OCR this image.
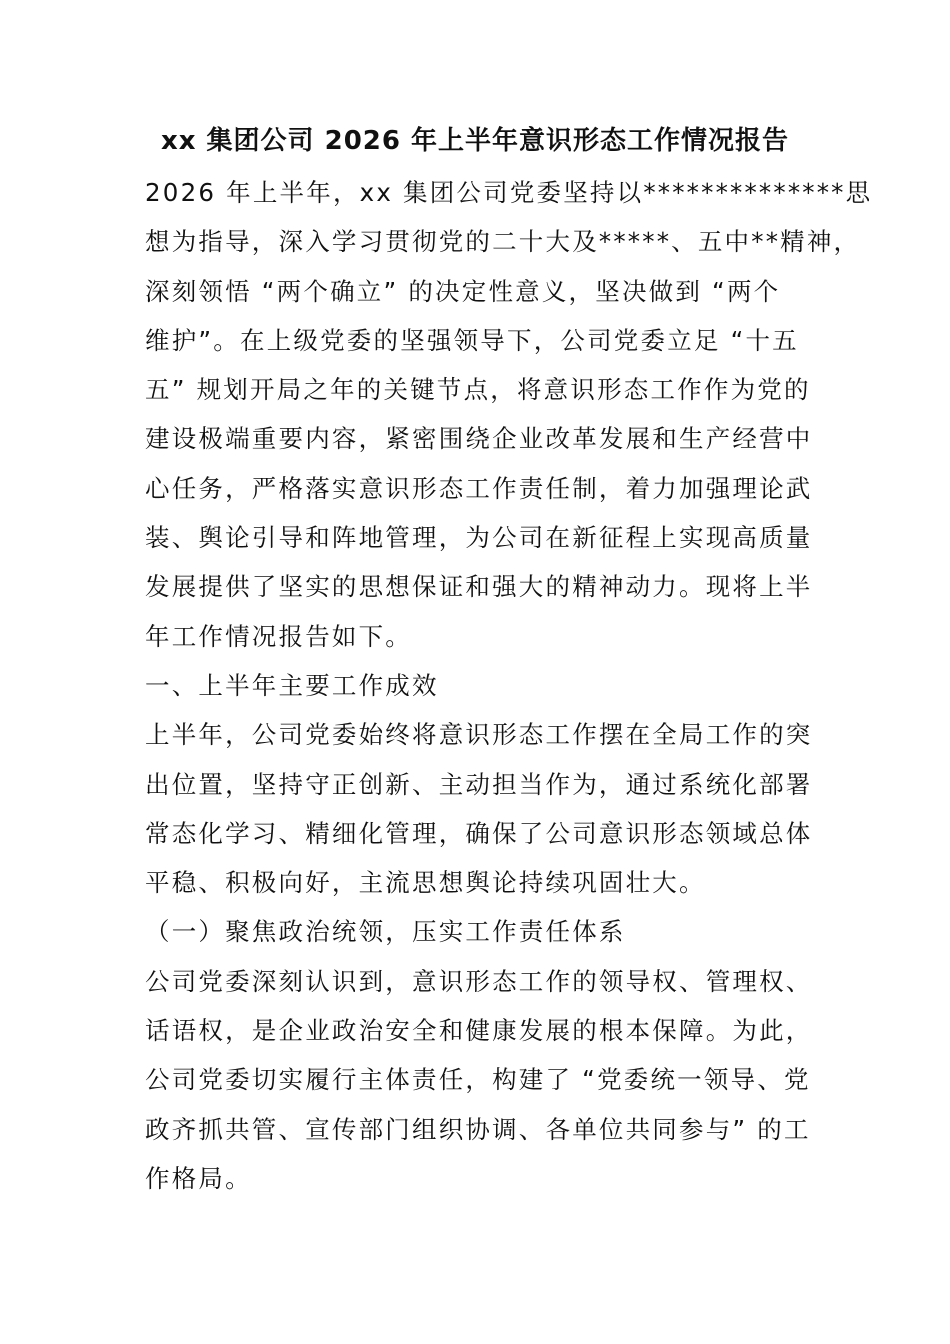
xx 集团公司 2026 年上半年意识形态工作情况报告
2026 年上半年，xx 集团公司党委坚持以**************思
想为指导，深入学习贯彻党的二十大及*****、五中**精神，
深刻领悟 “两个确立” 的决定性意义，坚决做到 “两个
维护”。在上级党委的坚强领导下，公司党委立足 “十五
五” 规划开局之年的关键节点，将意识形态工作作为党的
建设极端重要内容，紧密围绕企业改革发展和生产经营中
心任务，严格落实意识形态工作责任制，着力加强理论武
装、舆论引导和阵地管理，为公司在新征程上实现高质量
发展提供了坚实的思想保证和强大的精神动力。现将上半
年工作情况报告如下。
一、上半年主要工作成效
上半年，公司党委始终将意识形态工作摆在全局工作的突
出位置，坚持守正创新、主动担当作为，通过系统化部署
常态化学习、精细化管理，确保了公司意识形态领域总体
平稳、积极向好，主流思想舆论持续巩固壮大。
（一）聚焦政治统领，压实工作责任体系
公司党委深刻认识到，意识形态工作的领导权、管理权、
话语权，是企业政治安全和健康发展的根本保障。为此，
公司党委切实履行主体责任，构建了 “党委统一领导、党
政齐抓共管、宣传部门组织协调、各单位共同参与” 的工
作格局。
